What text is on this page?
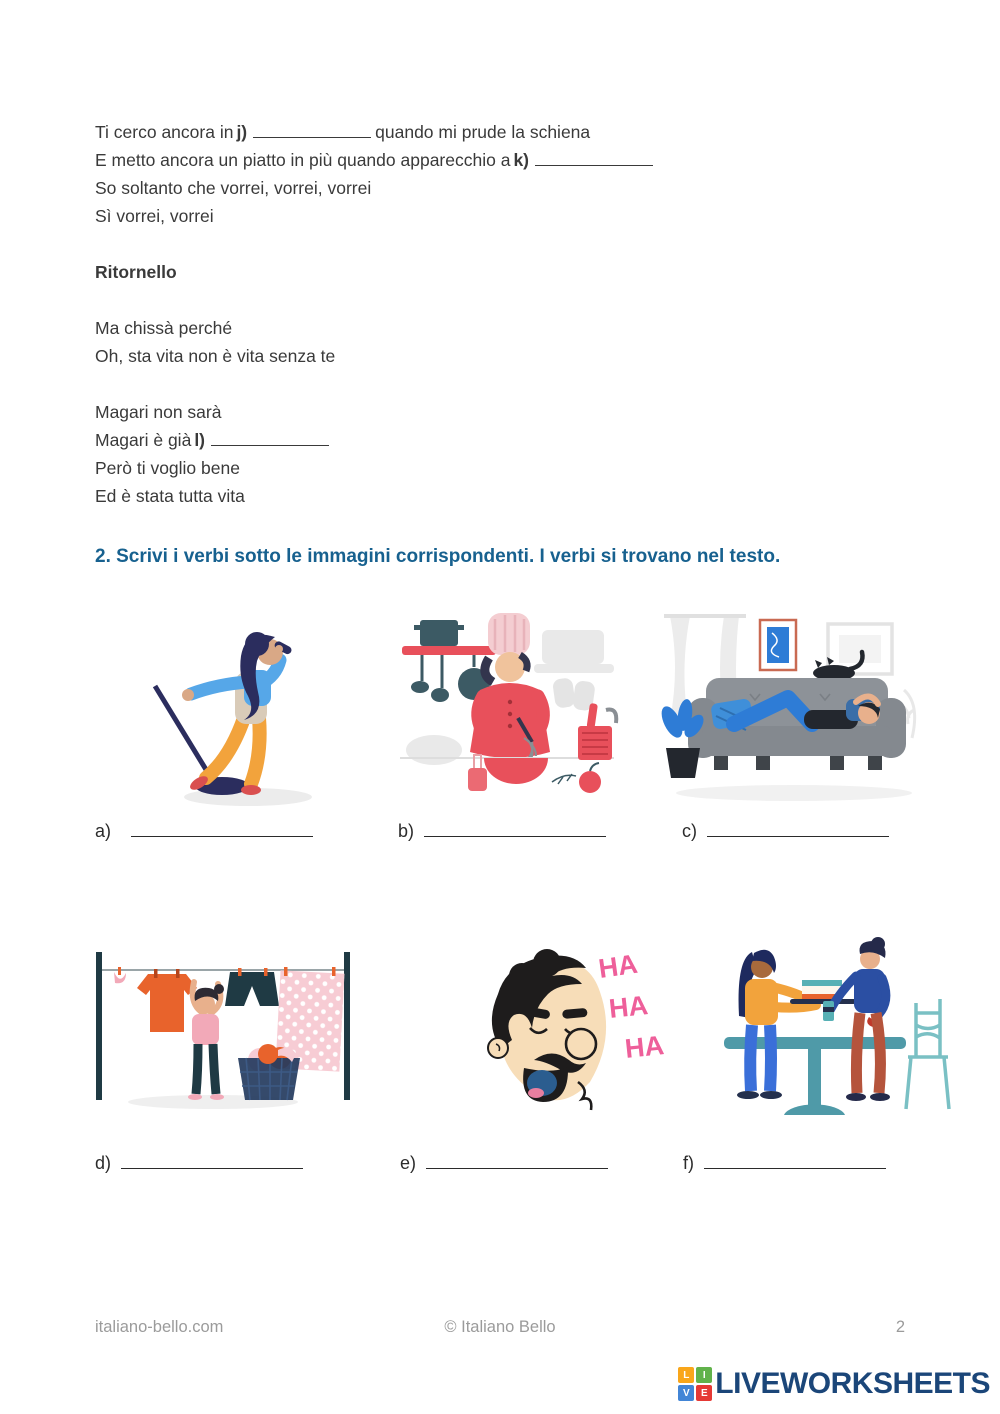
Ti cerco ancora in j)	quando mi prude la schiena
E metto ancora un piatto in più quando apparecchio a k)
So soltanto che vorrei, vorrei, vorrei
Sì vorrei, vorrei
Ritornello
Ma chissà perché
Oh, sta vita non è vita senza te
Magari non sarà
Magari è già l)
Però ti voglio bene
Ed è stata tutta vita
2. Scrivi i verbi sotto le immagini corrispondenti. I verbi si trovano nel testo.
a)	b)	c)
HA
HA
HA
d)	e)	f)
© Italiano Bello
italiano-bello.com	2
L	I
V	E LIVEWORKSHEETS
